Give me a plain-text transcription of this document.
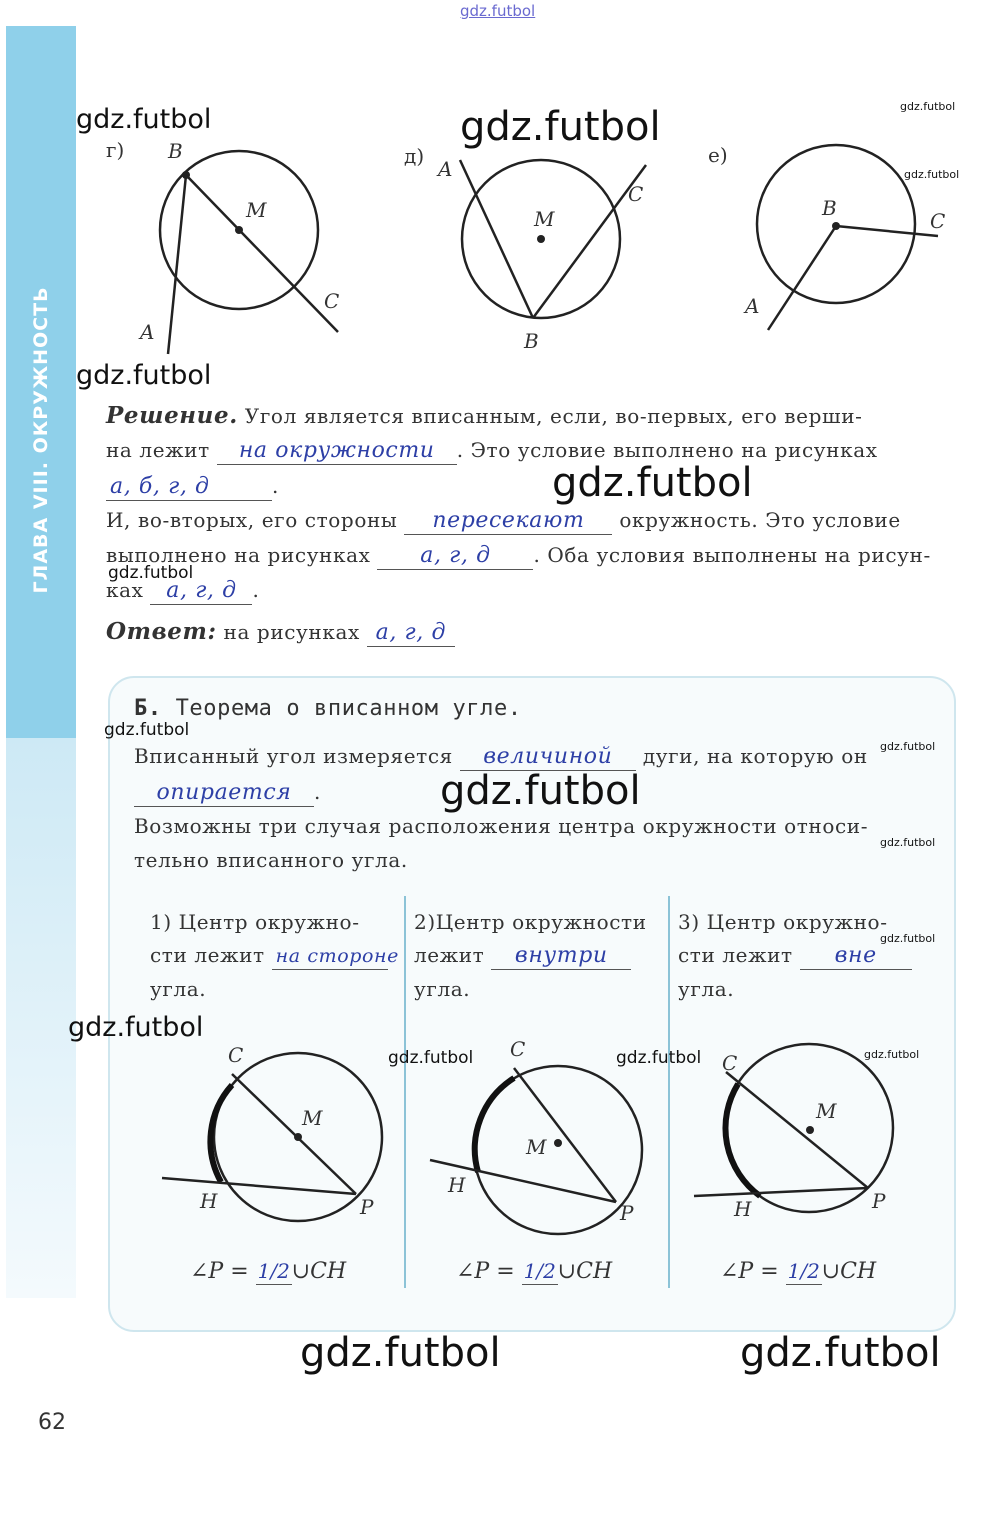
ГЛАВА VIII. ОКРУЖНОСТЬ
г) B
M
C
A
д)
A
M
C
B
е)
B
C
A
C
M
H	P
C
M
H
P
C
M
H	P
Решение. Угол является вписанным, если, во-первых, его верши-
на лежит на окружности . Это условие выполнено на рисунках
а, б, г, д	.
И, во-вторых, его стороны пересекают окружность. Это условие
выполнено на рисунках а, г, д . Оба условия выполнены на рисун-
ках а, г, д .
Ответ: на рисунках а, г, д
Б. Теорема о вписанном угле.
Вписанный угол измеряется величиной дуги, на которую он
опирается .
Возможны три случая расположения центра окружности относи-
тельно вписанного угла.
1) Центр окружно-
сти лежит на стороне
угла.
2)Центр окружности
лежит внутри
угла.
3) Центр окружно-
сти лежит вне
угла.
∠P = 1/2∪CH	∠P = 1/2∪CH	∠P = 1/2∪CH
62
gdz.futbol
gdz.futbol	gdz.futbol	gdz.futbol
gdz.futbol
gdz.futbol
gdz.futbol
gdz.futbol
gdz.futbol
gdz.futbol
gdz.futbol
gdz.futbol
gdz.futbol
gdz.futbol
gdz.futbol	gdz.futbol	gdz.futbol
gdz.futbol	gdz.futbol
